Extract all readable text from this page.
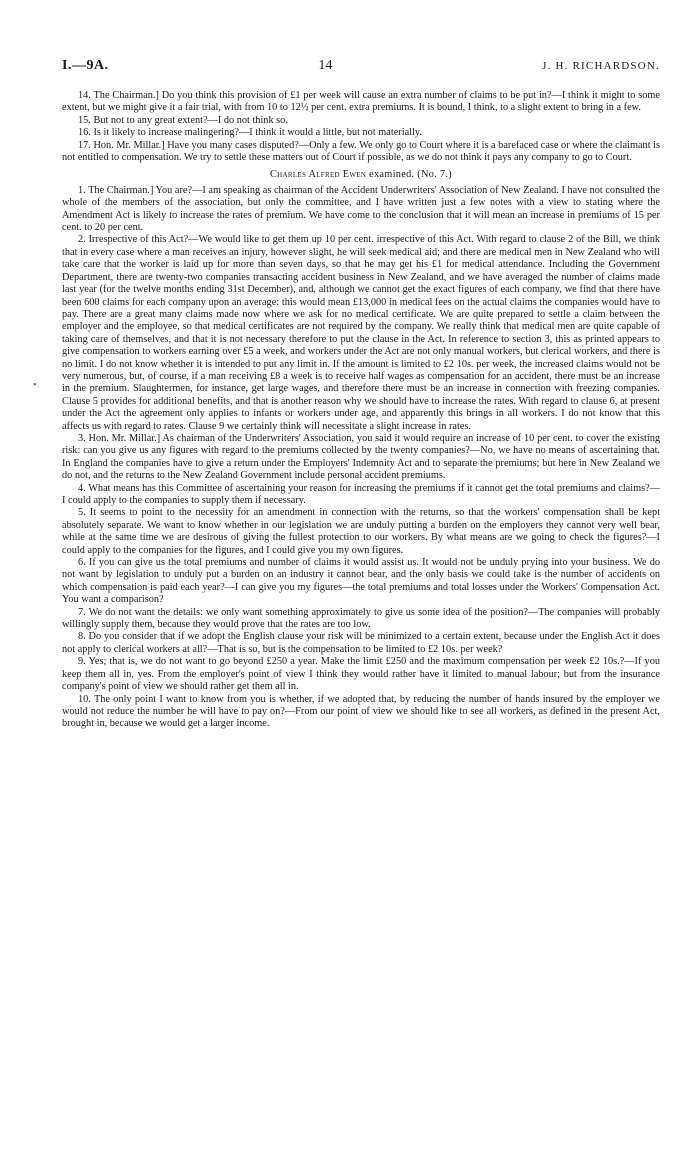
I.—9A.	14	J. H. RICHARDSON.

14. The Chairman.] Do you think this provision of £1 per week will cause an extra number of claims to be put in?—I think it might to some extent, but we might give it a fair trial, with from 10 to 12½ per cent. extra premiums. It is bound, I think, to a slight extent to bring in a few.

15. But not to any great extent?—I do not think so.

16. Is it likely to increase malingering?—I think it would a little, but not materially.

17. Hon. Mr. Millar.] Have you many cases disputed?—Only a few. We only go to Court where it is a barefaced case or where the claimant is not entitled to compensation. We try to settle these matters out of Court if possible, as we do not think it pays any company to go to Court.

Charles Alfred Ewen examined. (No. 7.)

1. The Chairman.] You are?—I am speaking as chairman of the Accident Underwriters' Association of New Zealand. I have not consulted the whole of the members of the association, but only the committee, and I have written just a few notes with a view to stating where the Amendment Act is likely to increase the rates of premium. We have come to the conclusion that it will mean an increase in premiums of 15 per cent. to 20 per cent.

2. Irrespective of this Act?—We would like to get them up 10 per cent. irrespective of this Act. With regard to clause 2 of the Bill, we think that in every case where a man receives an injury, however slight, he will seek medical aid; and there are medical men in New Zealand who will take care that the worker is laid up for more than seven days, so that he may get his £1 for medical attendance. Including the Government Department, there are twenty-two companies transacting accident business in New Zealand, and we have averaged the number of claims made last year (for the twelve months ending 31st December), and, although we cannot get the exact figures of each company, we find that there have been 600 claims for each company upon an average: this would mean £13,000 in medical fees on the actual claims the companies would have to pay. There are a great many claims made now where we ask for no medical certificate. We are quite prepared to settle a claim between the employer and the employee, so that medical certificates are not required by the company. We really think that medical men are quite capable of taking care of themselves, and that it is not necessary therefore to put the clause in the Act. In reference to section 3, this as printed appears to give compensation to workers earning over £5 a week, and workers under the Act are not only manual workers, but clerical workers, and there is no limit. I do not know whether it is intended to put any limit in. If the amount is limited to £2 10s. per week, the increased claims would not be very numerous, but, of course, if a man receiving £8 a week is to receive half wages as compensation for an accident, there must be an increase in the premium. Slaughtermen, for instance, get large wages, and therefore there must be an increase in connection with freezing companies. Clause 5 provides for additional benefits, and that is another reason why we should have to increase the rates. With regard to clause 6, at present under the Act the agreement only applies to infants or workers under age, and apparently this brings in all workers. I do not know that this affects us with regard to rates. Clause 9 we certainly think will necessitate a slight increase in rates.

3. Hon. Mr. Millar.] As chairman of the Underwriters' Association, you said it would require an increase of 10 per cent. to cover the existing risk: can you give us any figures with regard to the premiums collected by the twenty companies?—No, we have no means of ascertaining that. In England the companies have to give a return under the Employers' Indemnity Act and to separate the premiums; but here in New Zealand we do not, and the returns to the New Zealand Government include personal accident premiums.

4. What means has this Committee of ascertaining your reason for increasing the premiums if it cannot get the total premiums and claims?—I could apply to the companies to supply them if necessary.

5. It seems to point to the necessity for an amendment in connection with the returns, so that the workers' compensation shall be kept absolutely separate. We want to know whether in our legislation we are unduly putting a burden on the employers they cannot very well bear, while at the same time we are desirous of giving the fullest protection to our workers. By what means are we going to check the figures?—I could apply to the companies for the figures, and I could give you my own figures.

6. If you can give us the total premiums and number of claims it would assist us. It would not be unduly prying into your business. We do not want by legislation to unduly put a burden on an industry it cannot bear, and the only basis we could take is the number of accidents on which compensation is paid each year?—I can give you my figures—the total premiums and total losses under the Workers' Compensation Act. You want a comparison?

7. We do not want the details: we only want something approximately to give us some idea of the position?—The companies will probably willingly supply them, because they would prove that the rates are too low.

8. Do you consider that if we adopt the English clause your risk will be minimized to a certain extent, because under the English Act it does not apply to clerical workers at all?—That is so, but is the compensation to be limited to £2 10s. per week?

9. Yes; that is, we do not want to go beyond £250 a year. Make the limit £250 and the maximum compensation per week £2 10s.?—If you keep them all in, yes. From the employer's point of view I think they would rather have it limited to manual labour; but from the insurance company's point of view we should rather get them all in.

10. The only point I want to know from you is whether, if we adopted that, by reducing the number of hands insured by the employer we would not reduce the number he will have to pay on?—From our point of view we should like to see all workers, as defined in the present Act, brought in, because we would get a larger income.

•
